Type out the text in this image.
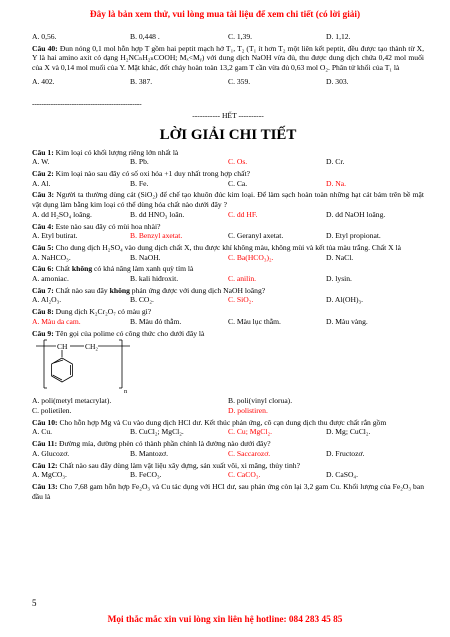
Đây là bản xem thử, vui lòng mua tài liệu để xem chi tiết (có lời giải)
A. 0,56.	B. 0,448 .	C. 1,39.	D. 1,12.
Câu 40: Đun nóng 0,1 mol hỗn hợp T gồm hai peptit mạch hở T₁, T₂ (T₁ ít hơn T₂ một liên kết peptit, đều được tạo thành từ X, Y là hai amino axit có dạng H₂NCₙH₂ₙCOOH; Mₓ<Mᵧ) với dung dịch NaOH vừa đủ, thu được dung dịch chứa 0,42 mol muối của X và 0,14 mol muối của Y. Mặt khác, đốt cháy hoàn toàn 13,2 gam T cần vừa đủ 0,63 mol O₂. Phân tử khối của T₁ là
A. 402.	B. 387.	C. 359.	D. 303.
-----------------------------------------------
----------- HẾT ----------
LỜI GIẢI CHI TIẾT
Câu 1: Kim loại có khối lượng riêng lớn nhất là
A. W.	B. Pb.	C. Os.	D. Cr.
Câu 2: Kim loại nào sau đây có số oxi hóa +1 duy nhất trong hợp chất?
A. Al.	B. Fe.	C. Ca.	D. Na.
Câu 3: Người ta thường dùng cát (SiO₂) để chế tạo khuôn đúc kim loại. Để làm sạch hoàn toàn những hạt cát bám trên bề mặt vật dụng làm bằng kim loại có thể dùng hóa chất nào dưới đây ?
A. dd H₂SO₄ loãng.	B. dd HNO₃ loãn.	C. dd HF.	D. dd NaOH loãng.
Câu 4: Este nào sau đây có mùi hoa nhài?
A. Etyl butirat.	B. Benzyl axetat.	C. Geranyl axetat.	D. Etyl propionat.
Câu 5: Cho dung dịch H₂SO₄ vào dung dịch chất X, thu được khí không màu, không mùi và kết tủa màu trắng. Chất X là
A. NaHCO₃.	B. NaOH.	C. Ba(HCO₃)₂.	D. NaCl.
Câu 6: Chất không có khả năng làm xanh quỳ tím là
A. amoniac.	B. kali hiđroxit.	C. anilin.	D. lysin.
Câu 7: Chất nào sau đây không phản ứng được với dung dịch NaOH loãng?
A. Al₂O₃.	B. CO₂.	C. SiO₂.	D. Al(OH)₃.
Câu 8: Dung dịch K₂Cr₂O₇ có màu gì?
A. Màu da cam.	B. Màu đỏ thẫm.	C. Màu lục thẫm.	D. Màu vàng.
Câu 9: Tên gọi của polime có công thức cho dưới đây là
CH CH₂
n
A. poli(metyl metacrylat).	B. poli(vinyl clorua).
C. polietilen.	D. polistiren.
Câu 10: Cho hỗn hợp Mg và Cu vào dung dịch HCl dư. Kết thúc phản ứng, cô cạn dung dịch thu được chất rắn gồm
A. Cu.	B. CuCl₂; MgCl₂.	C. Cu; MgCl₂.	D. Mg; CuCl₂.
Câu 11: Đường mía, đường phèn có thành phần chính là đường nào dưới đây?
A. Glucozơ.	B. Mantozơ.	C. Saccarozơ.	D. Fructozơ.
Câu 12: Chất nào sau đây dùng làm vật liệu xây dựng, sản xuất vôi, xi măng, thủy tinh?
A. MgCO₃.	B. FeCO₃.	C. CaCO₃.	D. CaSO₄.
Câu 13: Cho 7,68 gam hỗn hợp Fe₂O₃ và Cu tác dụng với HCl dư, sau phản ứng còn lại 3,2 gam Cu. Khối lượng của Fe₂O₃ ban đầu là
5
Mọi thắc mắc xin vui lòng xin liên hệ hotline: 084 283 45 85
